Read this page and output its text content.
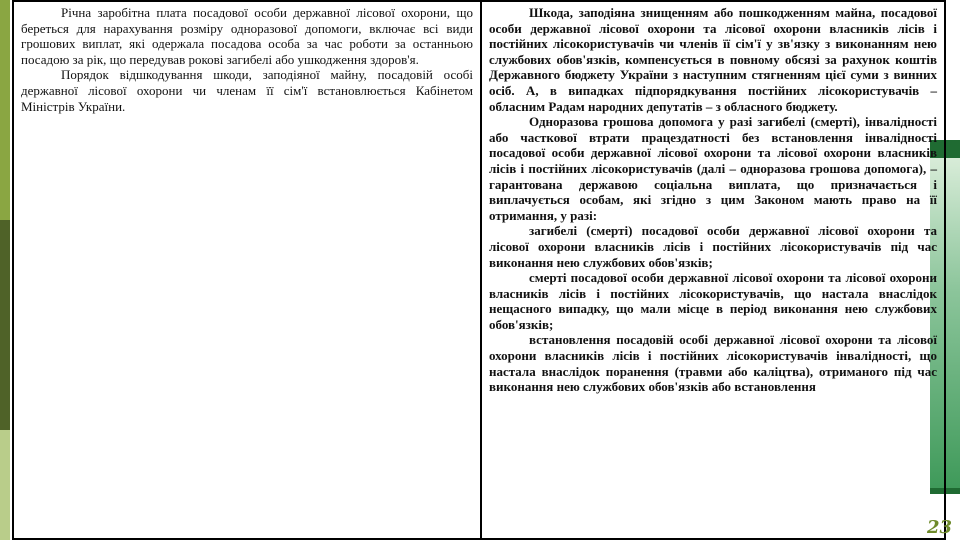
Річна заробітна плата посадової особи державної лісової охорони, що береться для нарахування розміру одноразової допомоги, включає всі види грошових виплат, які одержала посадова особа за час роботи за останньою посадою за рік, що передував рокові загибелі або ушкодження здоров'я.

Порядок відшкодування шкоди, заподіяної майну, посадовій особі державної лісової охорони чи членам її сім'ї встановлюється Кабінетом Міністрів України.

Шкода, заподіяна знищенням або пошкодженням майна, посадової особи державної лісової охорони та лісової охорони власників лісів і постійних лісокористувачів чи членів її сім'ї у зв'язку з виконанням нею службових обов'язків, компенсується в повному обсязі за рахунок коштів Державного бюджету України з наступним стягненням цієї суми з винних осіб. А, в випадках підпорядкування постійних лісокористувачів – обласним Радам народних депутатів – з обласного бюджету.

Одноразова грошова допомога у разі загибелі (смерті), інвалідності або часткової втрати працездатності без встановлення інвалідності посадової особи державної лісової охорони та лісової охорони власників лісів і постійних лісокористувачів (далі – одноразова грошова допомога), – гарантована державою соціальна виплата, що призначається і виплачується особам, які згідно з цим Законом мають право на її отримання, у разі:

загибелі (смерті) посадової особи державної лісової охорони та лісової охорони власників лісів і постійних лісокористувачів під час виконання нею службових обов'язків;

смерті посадової особи державної лісової охорони та лісової охорони власників лісів і постійних лісокористувачів, що настала внаслідок нещасного випадку, що мали місце в період виконання нею службових обов'язків;

встановлення посадовій особі державної лісової охорони та лісової охорони власників лісів і постійних лісокористувачів інвалідності, що настала внаслідок поранення (травми або каліцтва), отриманого під час виконання нею службових обов'язків або встановлення

23
